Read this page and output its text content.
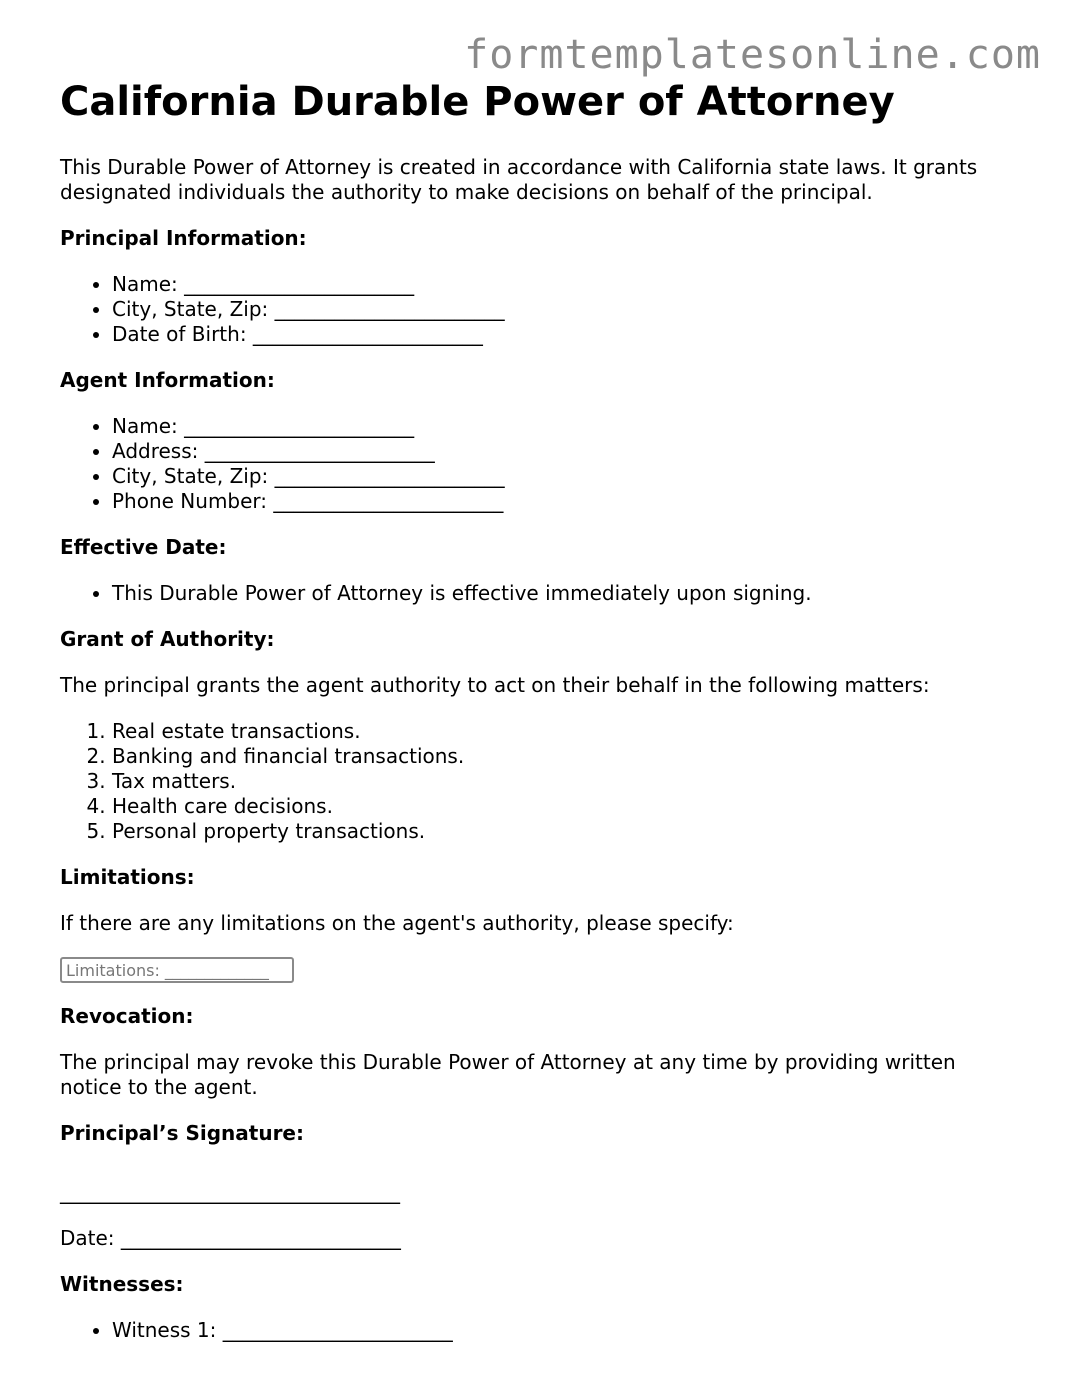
formtemplatesonline.com
California Durable Power of Attorney

This Durable Power of Attorney is created in accordance with California state laws. It grants designated individuals the authority to make decisions on behalf of the principal.

Principal Information:
• Name: _______________________
• City, State, Zip: _______________________
• Date of Birth: _______________________
Agent Information:
• Name: _______________________
• Address: _______________________
• City, State, Zip: _______________________
• Phone Number: _______________________
Effective Date:
• This Durable Power of Attorney is effective immediately upon signing.
Grant of Authority:

The principal grants the agent authority to act on their behalf in the following matters:

1. Real estate transactions.
2. Banking and financial transactions.
3. Tax matters.
4. Health care decisions.
5. Personal property transactions.
Limitations:

If there are any limitations on the agent's authority, please specify:

Limitations: _____________
Revocation:

The principal may revoke this Durable Power of Attorney at any time by providing written notice to the agent.

Principal’s Signature:
__________________________________
Date: ____________________________
Witnesses:
• Witness 1: _______________________
